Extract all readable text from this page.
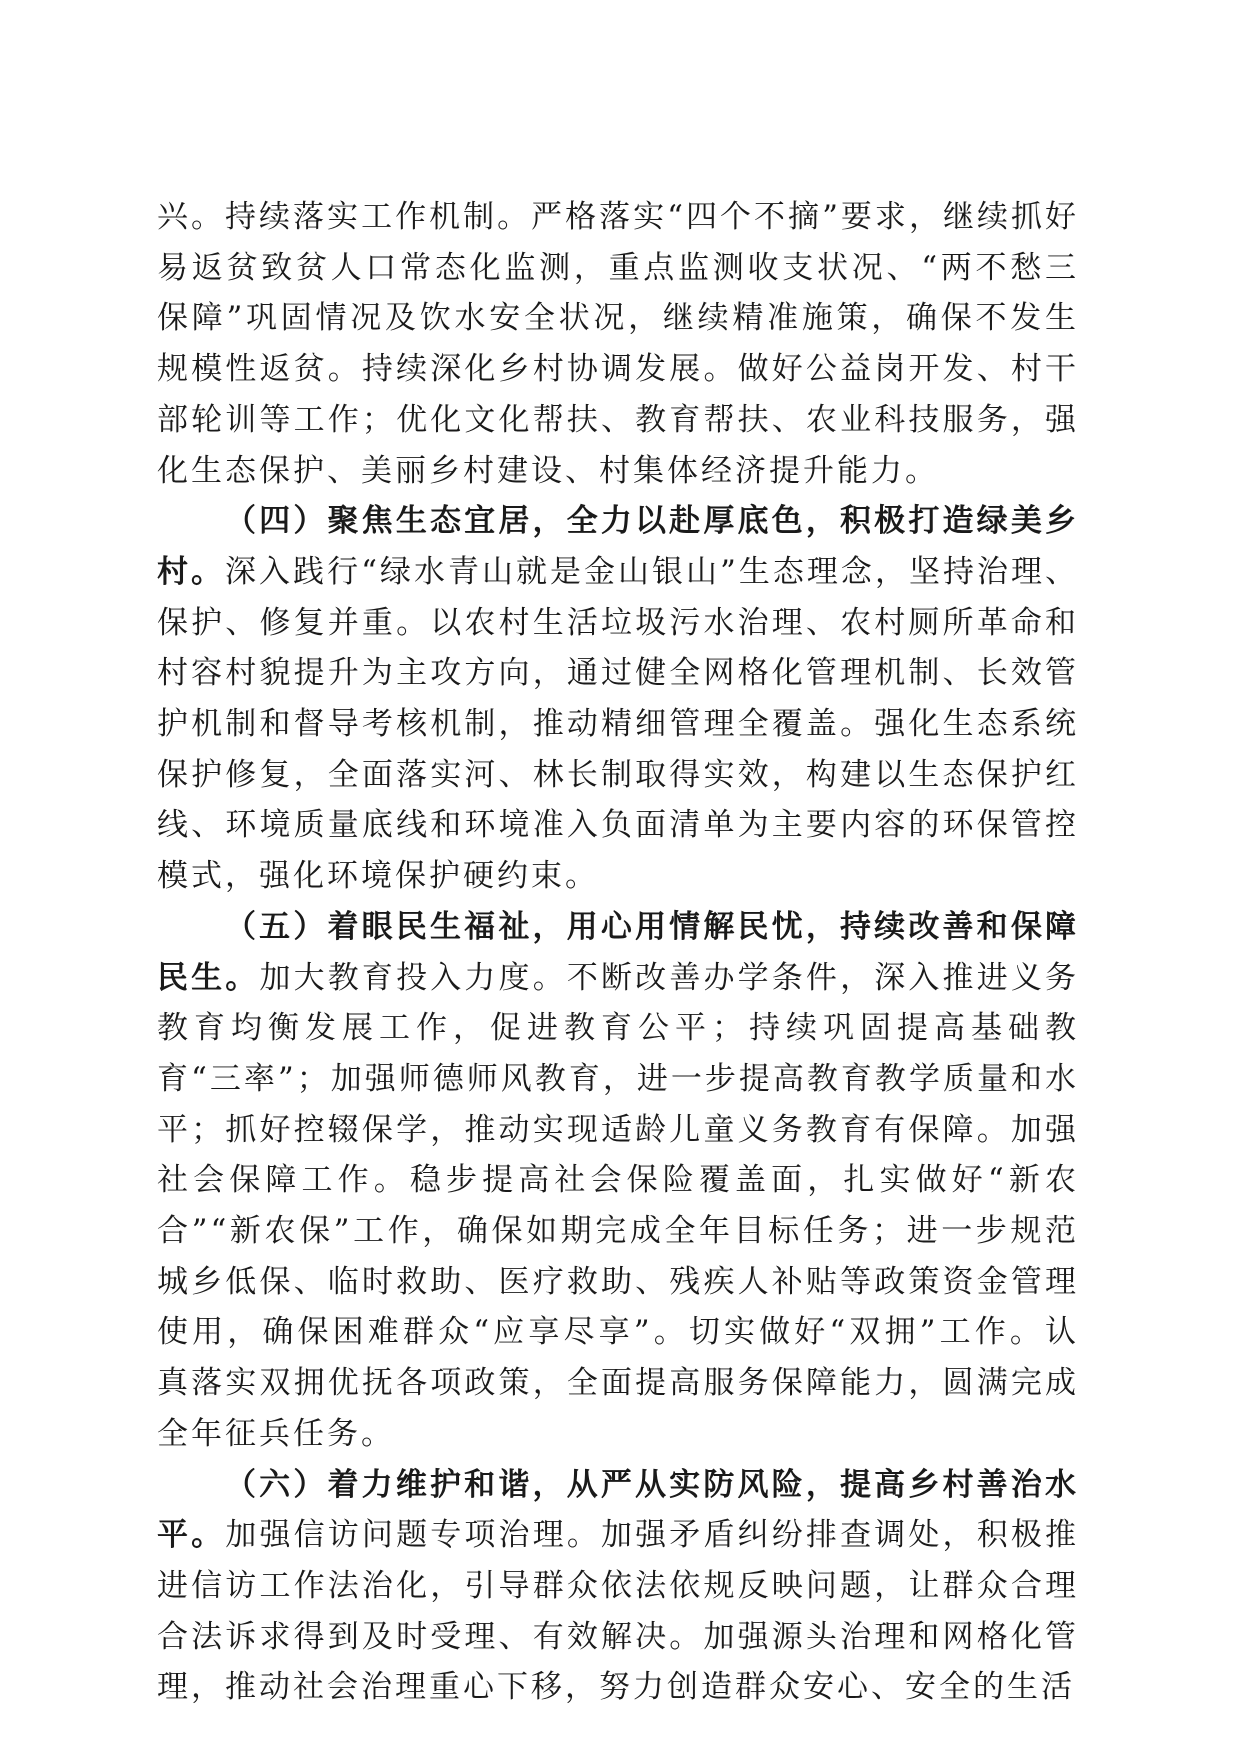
兴。持续落实工作机制。严格落实“四个不摘”要求，继续抓好易返贫致贫人口常态化监测，重点监测收支状况、“两不愁三保障”巩固情况及饮水安全状况，继续精准施策，确保不发生规模性返贫。持续深化乡村协调发展。做好公益岗开发、村干部轮训等工作；优化文化帮扶、教育帮扶、农业科技服务，强化生态保护、美丽乡村建设、村集体经济提升能力。

（四）聚焦生态宜居，全力以赴厚底色，积极打造绿美乡村。深入践行“绿水青山就是金山银山”生态理念，坚持治理、保护、修复并重。以农村生活垃圾污水治理、农村厕所革命和村容村貌提升为主攻方向，通过健全网格化管理机制、长效管护机制和督导考核机制，推动精细管理全覆盖。强化生态系统保护修复，全面落实河、林长制取得实效，构建以生态保护红线、环境质量底线和环境准入负面清单为主要内容的环保管控模式，强化环境保护硬约束。

（五）着眼民生福祉，用心用情解民忧，持续改善和保障民生。加大教育投入力度。不断改善办学条件，深入推进义务教育均衡发展工作，促进教育公平；持续巩固提高基础教育“三率”；加强师德师风教育，进一步提高教育教学质量和水平；抓好控辍保学，推动实现适龄儿童义务教育有保障。加强社会保障工作。稳步提高社会保险覆盖面，扎实做好“新农合”“新农保”工作，确保如期完成全年目标任务；进一步规范城乡低保、临时救助、医疗救助、残疾人补贴等政策资金管理使用，确保困难群众“应享尽享”。切实做好“双拥”工作。认真落实双拥优抚各项政策，全面提高服务保障能力，圆满完成全年征兵任务。

（六）着力维护和谐，从严从实防风险，提高乡村善治水平。加强信访问题专项治理。加强矛盾纠纷排查调处，积极推进信访工作法治化，引导群众依法依规反映问题，让群众合理合法诉求得到及时受理、有效解决。加强源头治理和网格化管理，推动社会治理重心下移，努力创造群众安心、安全的生活
